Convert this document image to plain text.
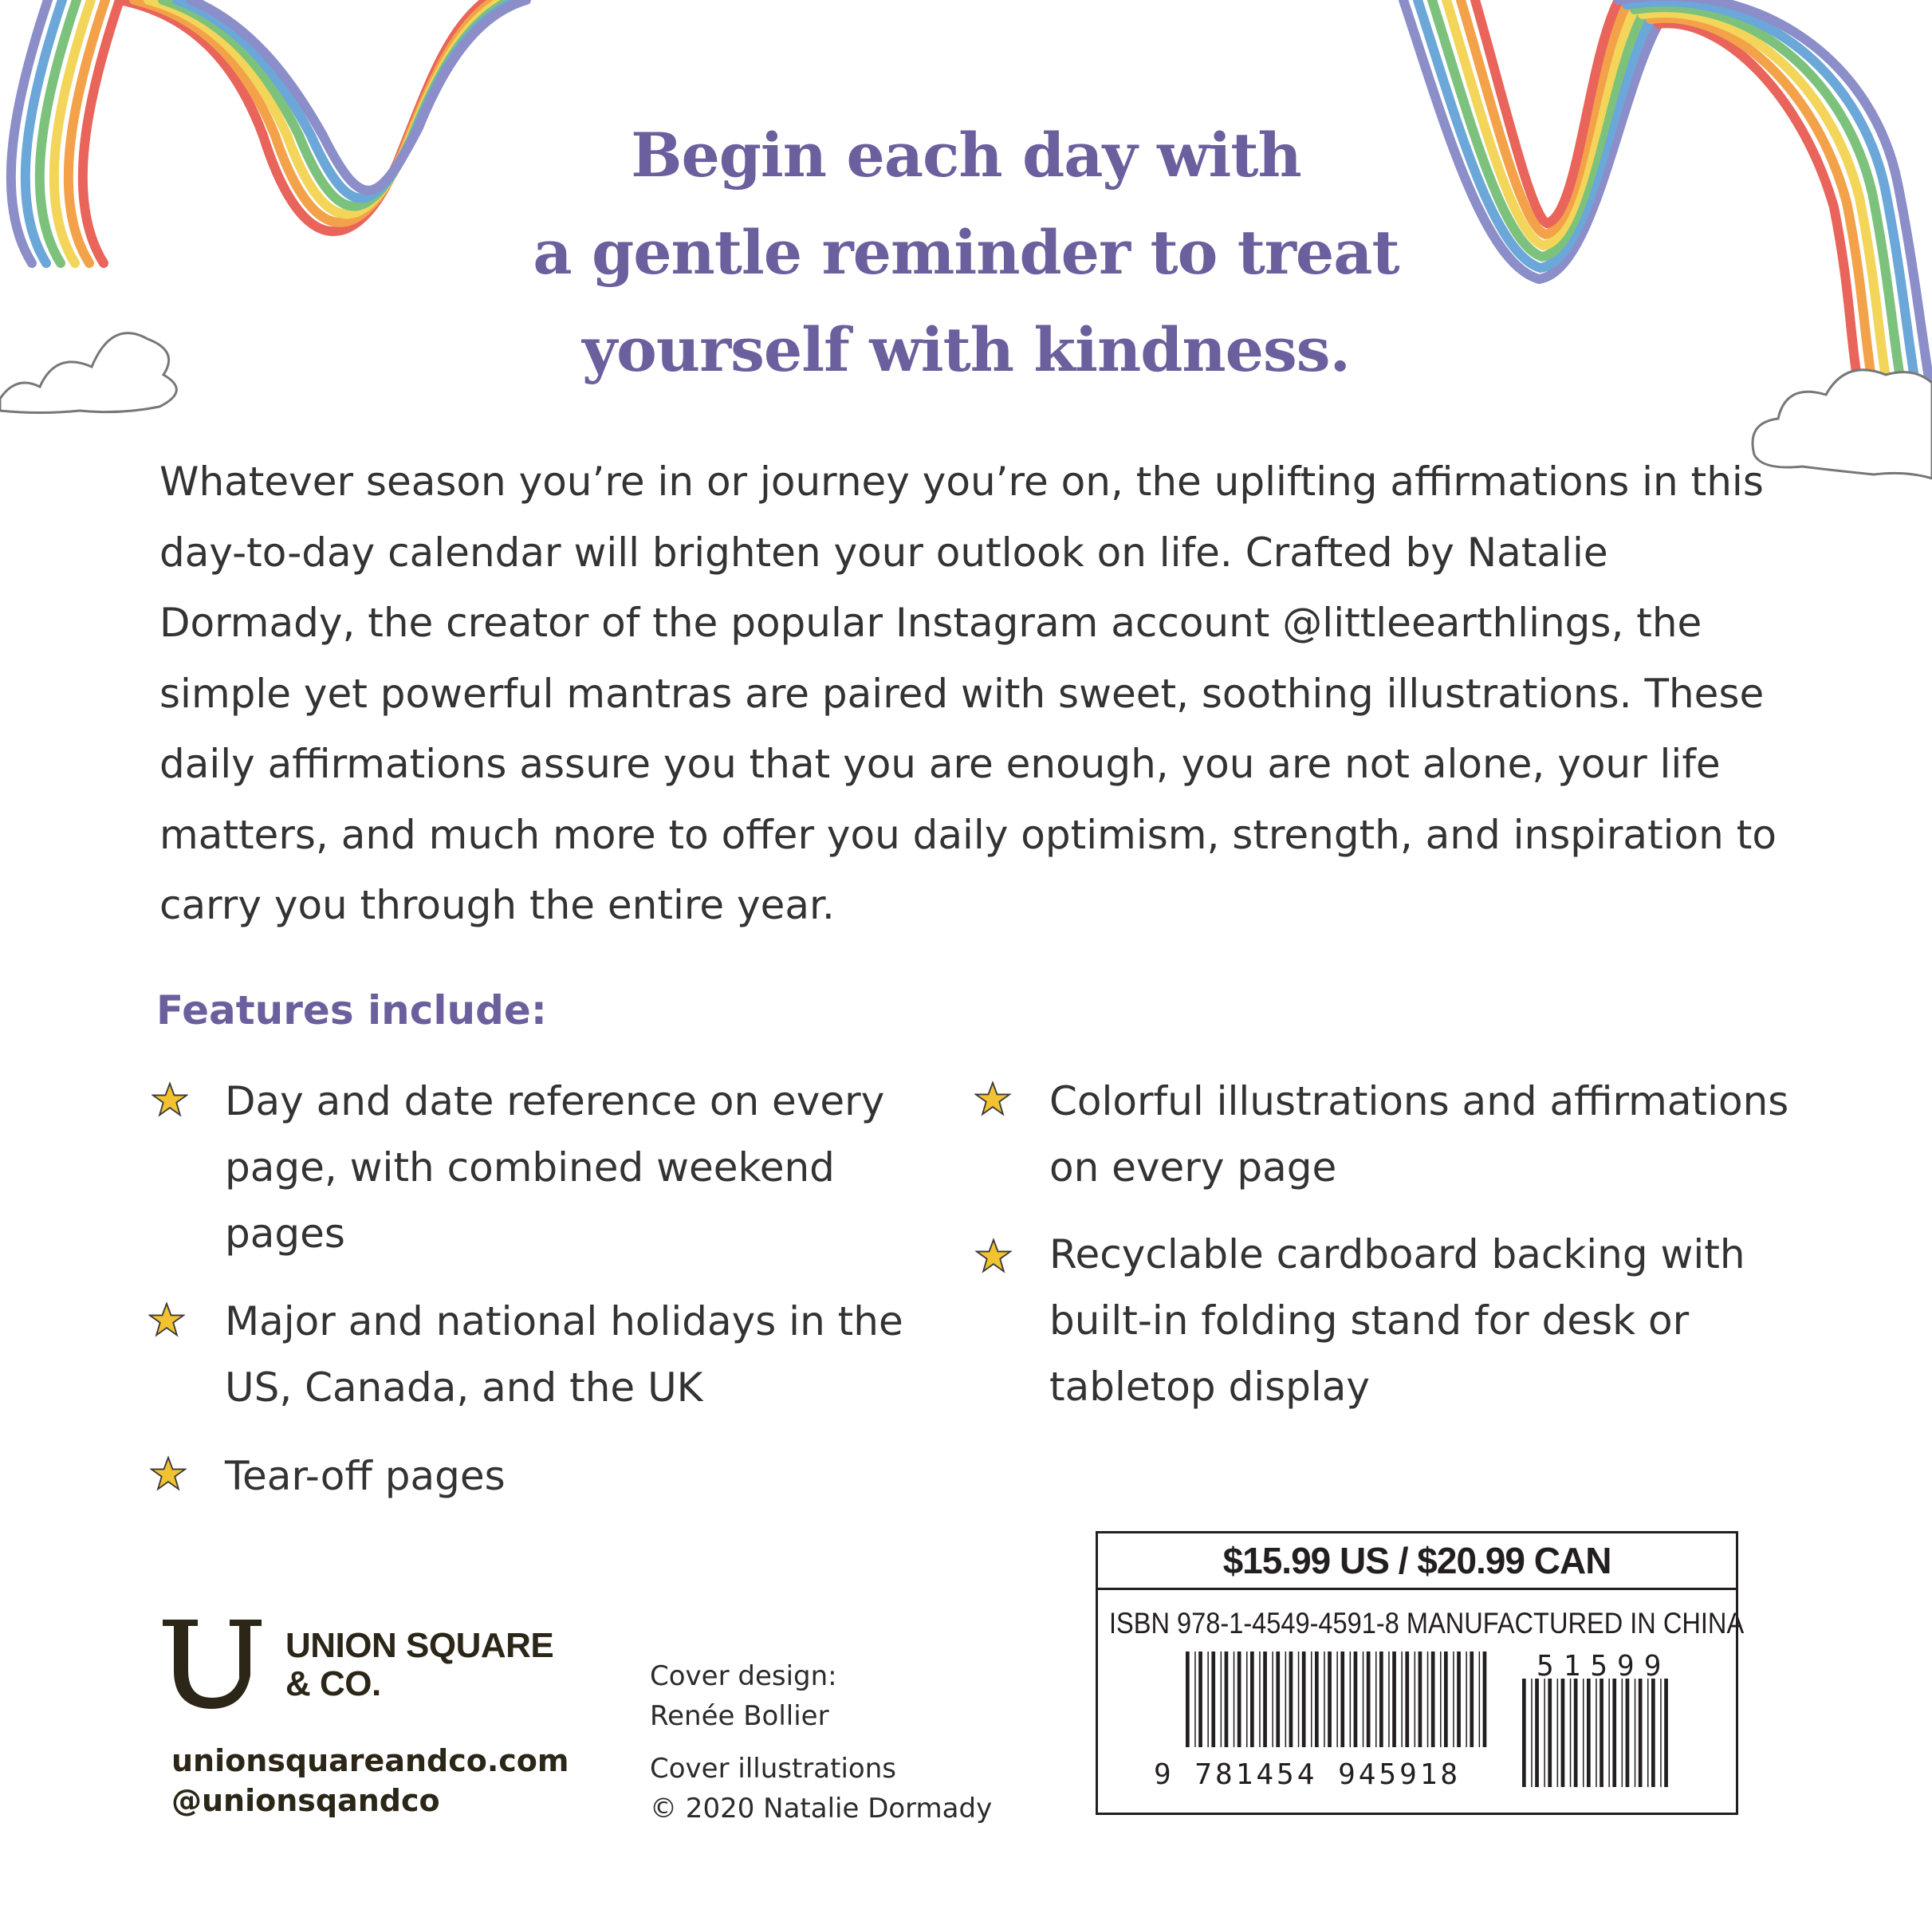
Begin each day with
a gentle reminder to treat
yourself with kindness.

Whatever season you’re in or journey you’re on, the uplifting affirmations in this day-to-day calendar will brighten your outlook on life. Crafted by Natalie Dormady, the creator of the popular Instagram account @littleearthlings, the simple yet powerful mantras are paired with sweet, soothing illustrations. These daily affirmations assure you that you are enough, you are not alone, your life matters, and much more to offer you daily optimism, strength, and inspiration to carry you through the entire year.

Features include:
Day and date reference on every page, with combined weekend pages
Major and national holidays in the US, Canada, and the UK
Tear-off pages
Colorful illustrations and affirmations on every page
Recyclable cardboard backing with built-in folding stand for desk or tabletop display
UNION SQUARE
& CO.
unionsquareandco.com
@unionsqandco
Cover design:
Renée Bollier
Cover illustrations
© 2020 Natalie Dormady
$15.99 US / $20.99 CAN
ISBN 978-1-4549-4591-8 MANUFACTURED IN CHINA
51599
9 781454 945918
